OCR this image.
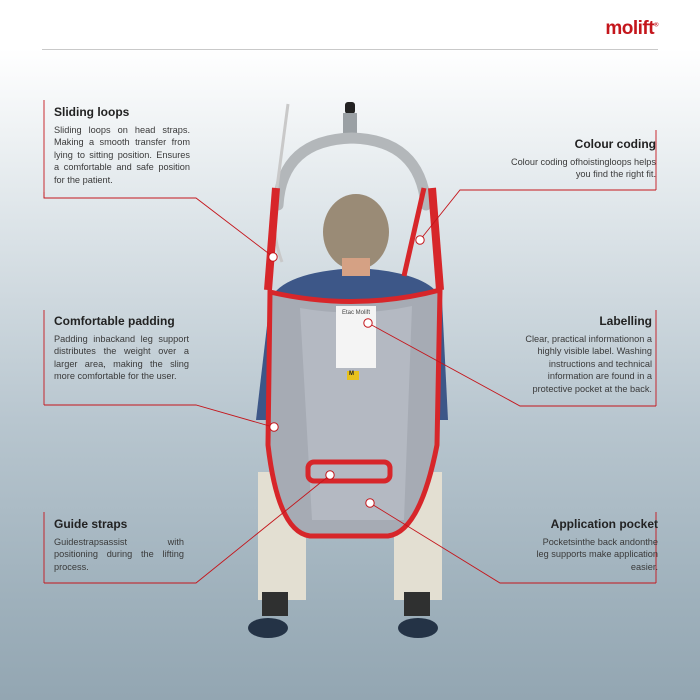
molift®
Sliding loops

Sliding loops on head straps. Making a smooth transfer from lying to sitting position. Ensures a comfortable and safe position for the patient.

Comfortable padding

Padding inbackand leg support distributes the weight over a larger area, making the sling more comfortable for the user.

Guide straps

Guidestrapsassist with positioning during the lifting process.

Colour coding

Colour coding ofhoistingloops helps you find the right fit.

Labelling

Clear, practical informationon a highly visible label. Washing instructions and technical information are found in a protective pocket at the back.

Application pocket

Pocketsinthe back andonthe leg supports make application easier.

Etac Molift
M
